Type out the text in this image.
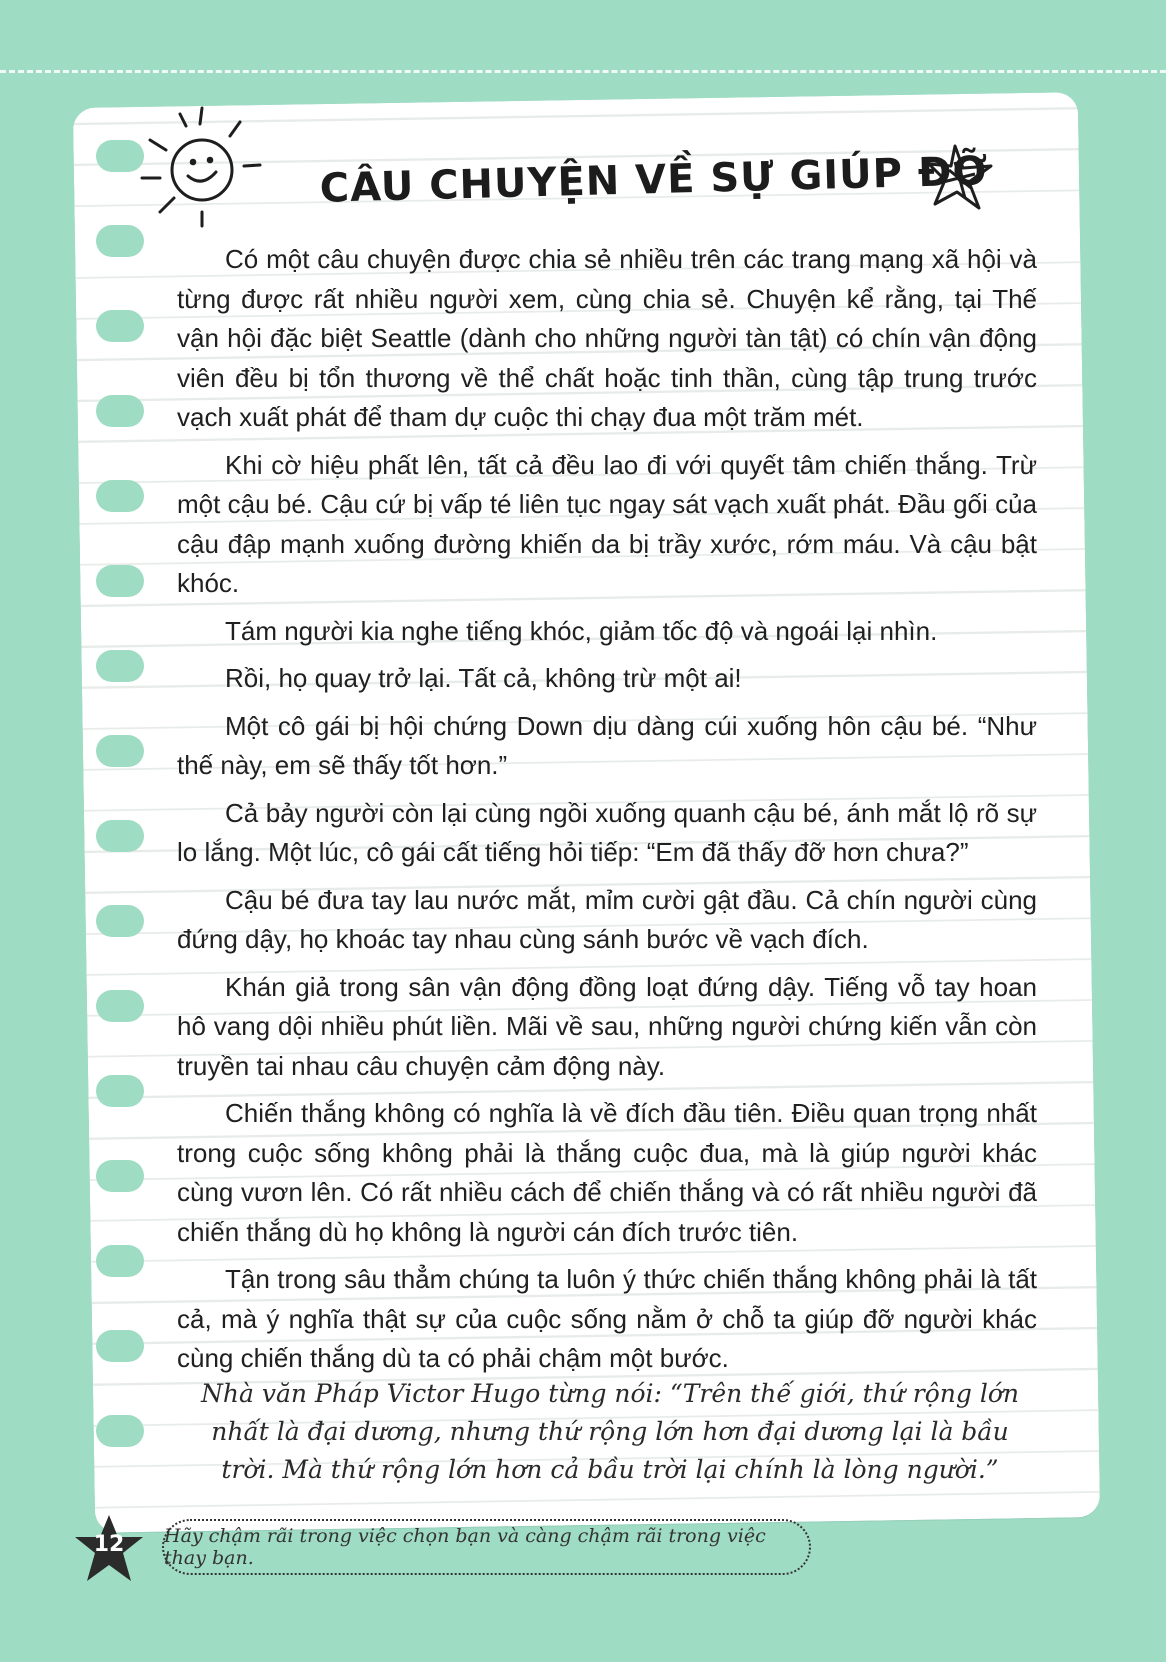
CÂU CHUYỆN VỀ SỰ GIÚP ĐỠ

Có một câu chuyện được chia sẻ nhiều trên các trang mạng xã hội và từng được rất nhiều người xem, cùng chia sẻ. Chuyện kể rằng, tại Thế vận hội đặc biệt Seattle (dành cho những người tàn tật) có chín vận động viên đều bị tổn thương về thể chất hoặc tinh thần, cùng tập trung trước vạch xuất phát để tham dự cuộc thi chạy đua một trăm mét.

Khi cờ hiệu phất lên, tất cả đều lao đi với quyết tâm chiến thắng. Trừ một cậu bé. Cậu cứ bị vấp té liên tục ngay sát vạch xuất phát. Đầu gối của cậu đập mạnh xuống đường khiến da bị trầy xước, rớm máu. Và cậu bật khóc.

Tám người kia nghe tiếng khóc, giảm tốc độ và ngoái lại nhìn.

Rồi, họ quay trở lại. Tất cả, không trừ một ai!

Một cô gái bị hội chứng Down dịu dàng cúi xuống hôn cậu bé. “Như thế này, em sẽ thấy tốt hơn.”

Cả bảy người còn lại cùng ngồi xuống quanh cậu bé, ánh mắt lộ rõ sự lo lắng. Một lúc, cô gái cất tiếng hỏi tiếp: “Em đã thấy đỡ hơn chưa?”

Cậu bé đưa tay lau nước mắt, mỉm cười gật đầu. Cả chín người cùng đứng dậy, họ khoác tay nhau cùng sánh bước về vạch đích.

Khán giả trong sân vận động đồng loạt đứng dậy. Tiếng vỗ tay hoan hô vang dội nhiều phút liền. Mãi về sau, những người chứng kiến vẫn còn truyền tai nhau câu chuyện cảm động này.

Chiến thắng không có nghĩa là về đích đầu tiên. Điều quan trọng nhất trong cuộc sống không phải là thắng cuộc đua, mà là giúp người khác cùng vươn lên. Có rất nhiều cách để chiến thắng và có rất nhiều người đã chiến thắng dù họ không là người cán đích trước tiên.

Tận trong sâu thẳm chúng ta luôn ý thức chiến thắng không phải là tất cả, mà ý nghĩa thật sự của cuộc sống nằm ở chỗ ta giúp đỡ người khác cùng chiến thắng dù ta có phải chậm một bước.

Nhà văn Pháp Victor Hugo từng nói: “Trên thế giới, thứ rộng lớn nhất là đại dương, nhưng thứ rộng lớn hơn đại dương lại là bầu trời. Mà thứ rộng lớn hơn cả bầu trời lại chính là lòng người.”
12	Hãy chậm rãi trong việc chọn bạn và càng chậm rãi trong việc thay bạn.
